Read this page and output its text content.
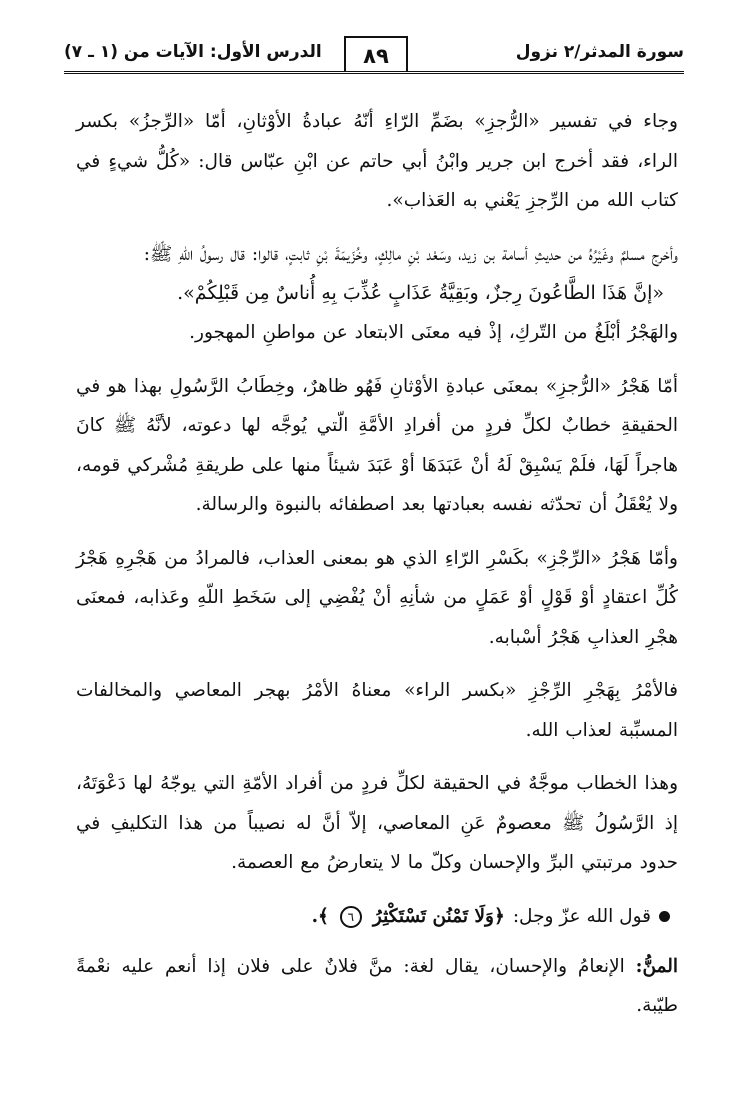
سورة المدثر/٢ نزول
٨٩
الدرس الأول: الآيات من (١ ـ ٧)

وجاء في تفسير «الرُّجزِ» بضَمِّ الرّاءِ أنّهُ عبادةُ الأوْثانِ، أمّا «الرِّجزُ» بكسر الراء، فقد أخرج ابن جرير وابْنُ أبي حاتم عن ابْنِ عبّاس قال: «كُلُّ شيءٍ في كتاب الله من الرِّجزِ يَعْني به العَذاب».

وأخرج مسلمٌ وغَيْرُهُ من حديثِ أسامة بن زيد، وسَعْد بْنِ مالِكٍ، وخُزَيمَةَ بْنِ ثابتٍ، قالوا: قال رسولُ اللّهِ ﷺ:

«إنَّ هَذَا الطَّاعُونَ رِجزٌ، وبَقِيَّةُ عَذَابٍ عُذِّبَ بِهِ أُناسٌ مِن قَبْلِكُمْ».

والهَجْرُ أبْلَغُ من التّركِ، إذْ فيه معنَى الابتعاد عن مواطنِ المهجور.

أمّا هَجْرُ «الرُّجزِ» بمعنَى عبادةِ الأوْثانِ فَهُو ظاهرٌ، وخِطَابُ الرَّسُولِ بهذا هو في الحقيقةِ خطابٌ لكلِّ فردٍ من أفرادِ الأمَّةِ الّتي يُوجَّه لها دعوته، لأنَّهُ ﷺ كانَ هاجراً لَهَا، فلَمْ يَسْبِقْ لَهُ أنْ عَبَدَهَا أوْ عَبَدَ شيئاً منها على طريقةِ مُشْركي قومه، ولا يُعْقَلُ أن تحدّثه نفسه بعبادتها بعد اصطفائه بالنبوة والرسالة.

وأمّا هَجْرُ «الرِّجْزِ» بكَسْرِ الرّاءِ الذي هو بمعنى العذاب، فالمرادُ من هَجْرِهِ هَجْرُ كُلِّ اعتقادٍ أوْ قَوْلٍ أوْ عَمَلٍ من شأنِهِ أنْ يُفْضِي إلى سَخَطِ اللّهِ وعَذابه، فمعنَى هجْرِ العذابِ هَجْرُ أسْبابه.

فالأمْرُ بِهَجْرِ الرِّجْزِ «بكسر الراء» معناهُ الأمْرُ بهجر المعاصي والمخالفات المسبِّبة لعذاب الله.

وهذا الخطاب موجَّهٌ في الحقيقة لكلِّ فردٍ من أفراد الأمّةِ التي يوجّهُ لها دَعْوَتَهُ، إذ الرَّسُولُ ﷺ معصومٌ عَنِ المعاصي، إلاّ أنَّ له نصيباً من هذا التكليفِ في حدود مرتبتي البرِّ والإحسان وكلّ ما لا يتعارضُ مع العصمة.

قول الله عزّ وجل:
﴿وَلَا تَمْنُن تَسْتَكْثِرُ
٦
﴾.

المنُّ: الإنعامُ والإحسان، يقال لغة: منَّ فلانٌ على فلان إذا أنعم عليه نعْمةً طيّبة.
